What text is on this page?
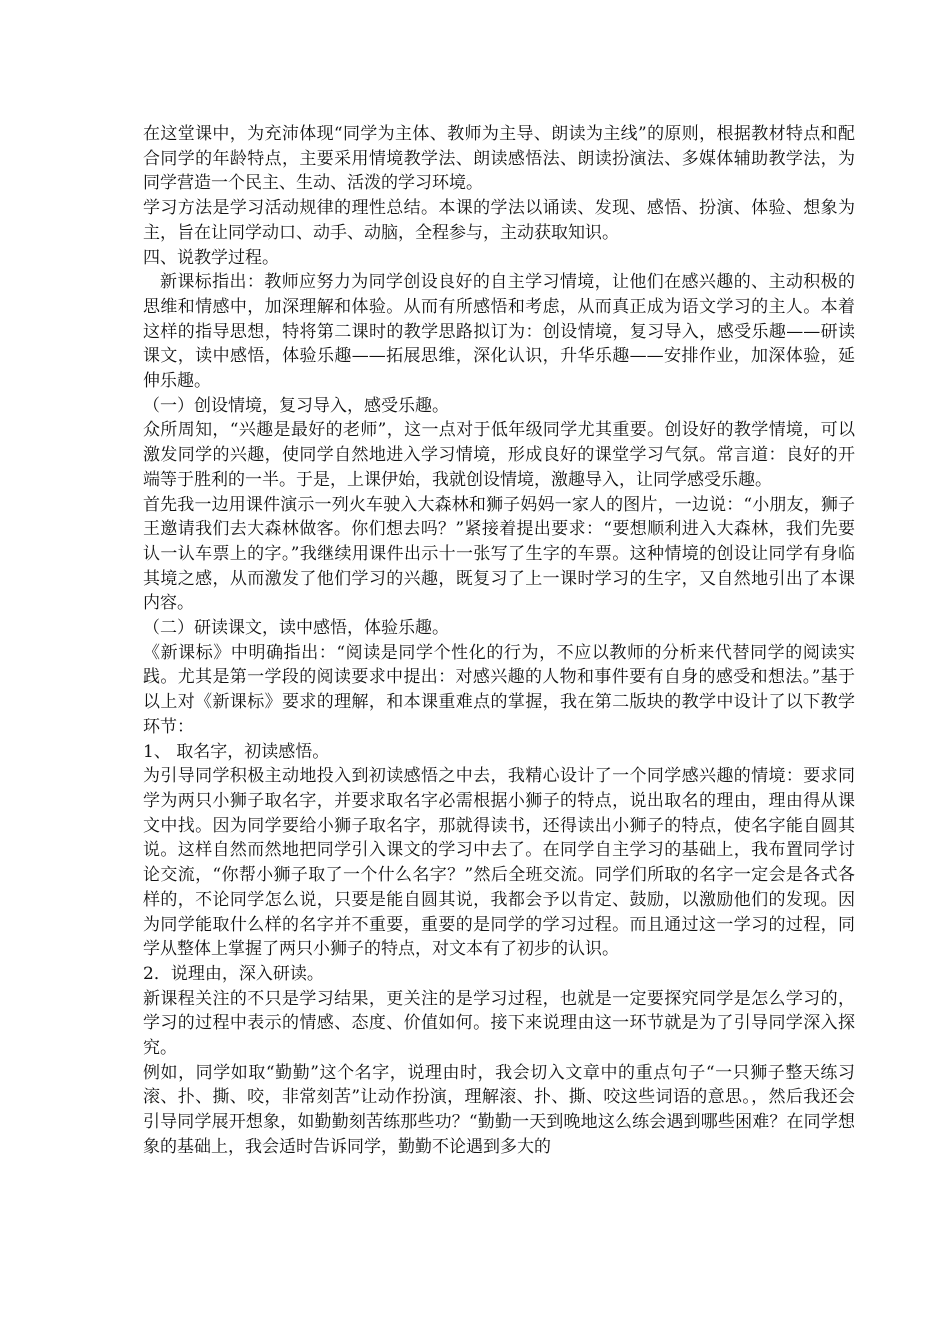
在这堂课中，为充沛体现“同学为主体、教师为主导、朗读为主线”的原则，根据教材特点和配合同学的年龄特点，主要采用情境教学法、朗读感悟法、朗读扮演法、多媒体辅助教学法，为同学营造一个民主、生动、活泼的学习环境。

学习方法是学习活动规律的理性总结。本课的学法以诵读、发现、感悟、扮演、体验、想象为主，旨在让同学动口、动手、动脑，全程参与，主动获取知识。

四、说教学过程。

新课标指出：教师应努力为同学创设良好的自主学习情境，让他们在感兴趣的、主动积极的思维和情感中，加深理解和体验。从而有所感悟和考虑，从而真正成为语文学习的主人。本着这样的指导思想，特将第二课时的教学思路拟订为：创设情境，复习导入，感受乐趣——研读课文，读中感悟，体验乐趣——拓展思维，深化认识，升华乐趣——安排作业，加深体验，延伸乐趣。

（一）创设情境，复习导入，感受乐趣。

众所周知，“兴趣是最好的老师”，这一点对于低年级同学尤其重要。创设好的教学情境，可以激发同学的兴趣，使同学自然地进入学习情境，形成良好的课堂学习气氛。常言道：良好的开端等于胜利的一半。于是，上课伊始，我就创设情境，激趣导入，让同学感受乐趣。

首先我一边用课件演示一列火车驶入大森林和狮子妈妈一家人的图片，一边说：“小朋友，狮子王邀请我们去大森林做客。你们想去吗？”紧接着提出要求：“要想顺利进入大森林，我们先要认一认车票上的字。”我继续用课件出示十一张写了生字的车票。这种情境的创设让同学有身临其境之感，从而激发了他们学习的兴趣，既复习了上一课时学习的生字，又自然地引出了本课内容。

（二）研读课文，读中感悟，体验乐趣。

《新课标》中明确指出：“阅读是同学个性化的行为，不应以教师的分析来代替同学的阅读实践。尤其是第一学段的阅读要求中提出：对感兴趣的人物和事件要有自身的感受和想法。”基于以上对《新课标》要求的理解，和本课重难点的掌握，我在第二版块的教学中设计了以下教学环节：

1、 取名字，初读感悟。

为引导同学积极主动地投入到初读感悟之中去，我精心设计了一个同学感兴趣的情境：要求同学为两只小狮子取名字，并要求取名字必需根据小狮子的特点，说出取名的理由，理由得从课文中找。因为同学要给小狮子取名字，那就得读书，还得读出小狮子的特点，使名字能自圆其说。这样自然而然地把同学引入课文的学习中去了。在同学自主学习的基础上，我布置同学讨论交流，“你帮小狮子取了一个什么名字？”然后全班交流。同学们所取的名字一定会是各式各样的，不论同学怎么说，只要是能自圆其说，我都会予以肯定、鼓励，以激励他们的发现。因为同学能取什么样的名字并不重要，重要的是同学的学习过程。而且通过这一学习的过程，同学从整体上掌握了两只小狮子的特点，对文本有了初步的认识。

2．说理由，深入研读。

新课程关注的不只是学习结果，更关注的是学习过程，也就是一定要探究同学是怎么学习的，学习的过程中表示的情感、态度、价值如何。接下来说理由这一环节就是为了引导同学深入探究。

例如，同学如取“勤勤”这个名字，说理由时，我会切入文章中的重点句子“一只狮子整天练习滚、扑、撕、咬，非常刻苦”让动作扮演，理解滚、扑、撕、咬这些词语的意思。，然后我还会引导同学展开想象，如勤勤刻苦练那些功？“勤勤一天到晚地这么练会遇到哪些困难？在同学想象的基础上，我会适时告诉同学，勤勤不论遇到多大的
